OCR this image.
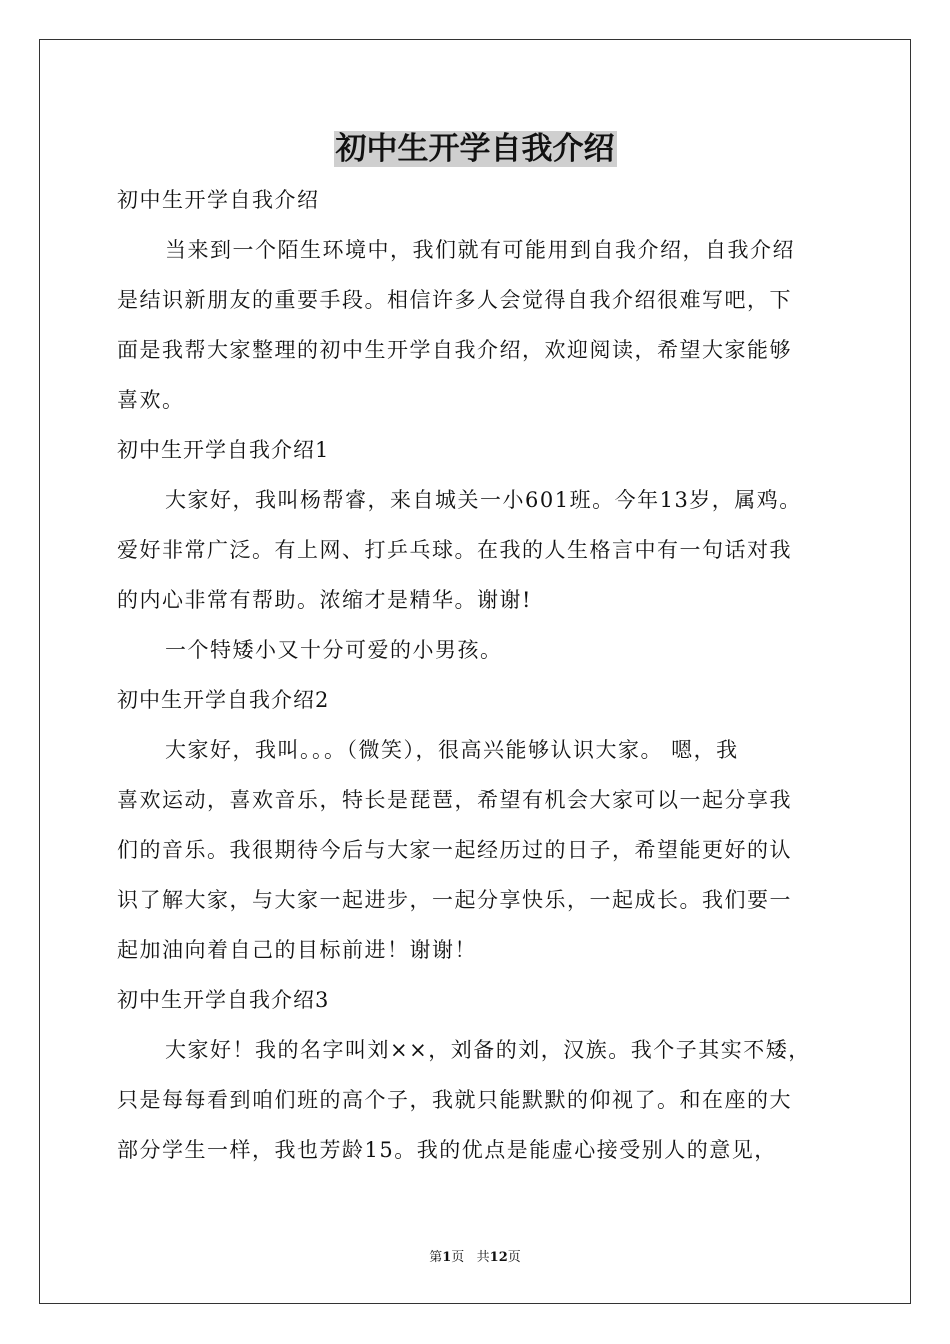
初中生开学自我介绍
初中生开学自我介绍
当来到一个陌生环境中，我们就有可能用到自我介绍，自我介绍
是结识新朋友的重要手段。相信许多人会觉得自我介绍很难写吧，下
面是我帮大家整理的初中生开学自我介绍，欢迎阅读，希望大家能够
喜欢。
初中生开学自我介绍1
大家好，我叫杨帮睿，来自城关一小601班。今年13岁，属鸡。
爱好非常广泛。有上网、打乒乓球。在我的人生格言中有一句话对我
的内心非常有帮助。浓缩才是精华。谢谢!
一个特矮小又十分可爱的小男孩。
初中生开学自我介绍2
大家好，我叫。。。（微笑），很高兴能够认识大家。 嗯，我
喜欢运动，喜欢音乐，特长是琵琶，希望有机会大家可以一起分享我
们的音乐。我很期待今后与大家一起经历过的日子，希望能更好的认
识了解大家，与大家一起进步，一起分享快乐，一起成长。我们要一
起加油向着自己的目标前进！谢谢！
初中生开学自我介绍3
大家好！我的名字叫刘××，刘备的刘，汉族。我个子其实不矮，
只是每每看到咱们班的高个子，我就只能默默的仰视了。和在座的大
部分学生一样，我也芳龄15。我的优点是能虚心接受别人的意见，
第1页   共12页
